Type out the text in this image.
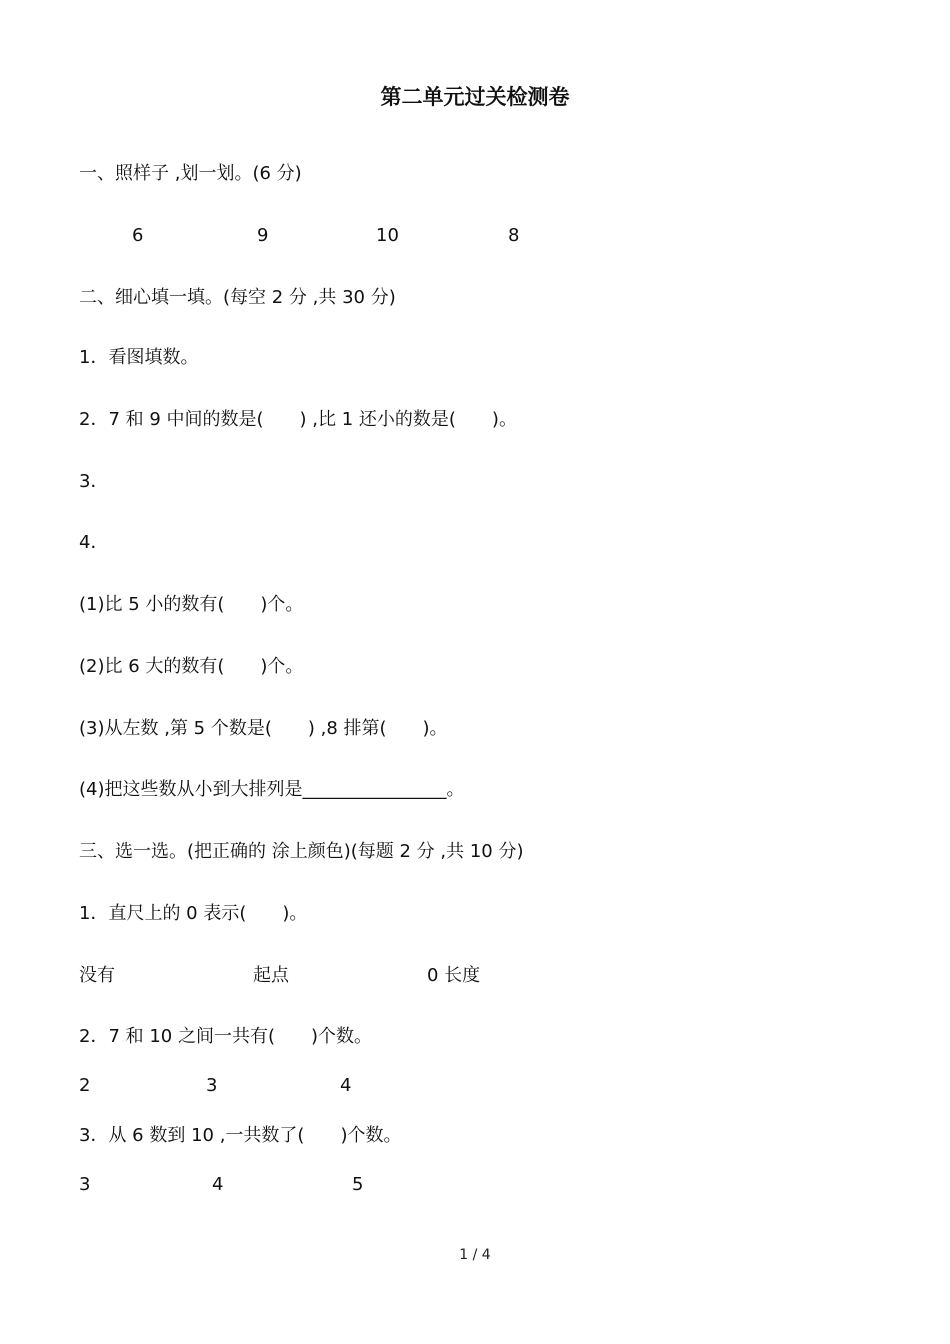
第二单元过关检测卷
一、照样子 ,划一划。(6 分)
6	9	10	8
二、细心填一填。(每空 2 分 ,共 30 分)
1．看图填数。
2．7 和 9 中间的数是(　　) ,比 1 还小的数是(　　)。
3．
4．
(1)比 5 小的数有(　　)个。
(2)比 6 大的数有(　　)个。
(3)从左数 ,第 5 个数是(　　) ,8 排第(　　)。
(4)把这些数从小到大排列是________________。
三、选一选。(把正确的 涂上颜色)(每题 2 分 ,共 10 分)
1．直尺上的 0 表示(　　)。
没有	起点	0 长度
2．7 和 10 之间一共有(　　)个数。
2	3	4
3．从 6 数到 10 ,一共数了(　　)个数。
3	4	5
1 / 4
